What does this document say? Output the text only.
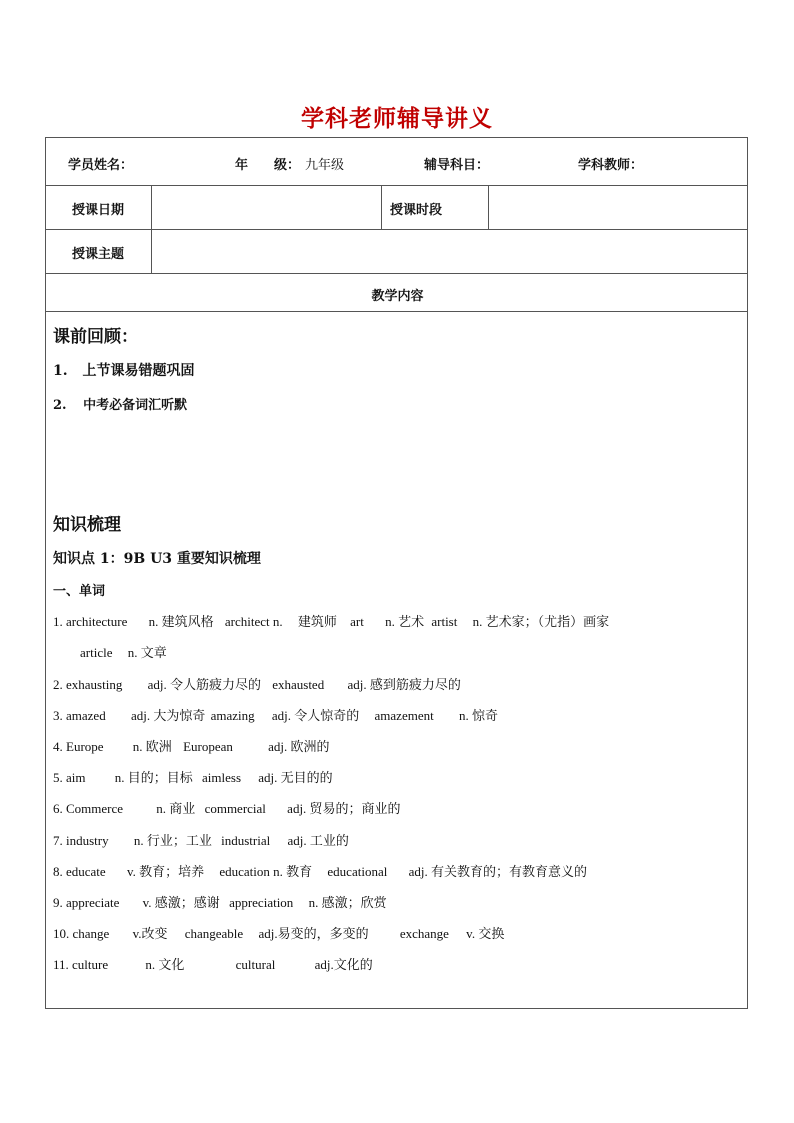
学科老师辅导讲义
学员姓名：	年　　级： 九年级	辅导科目：	学科教师：
授课日期	授课时段
授课主题
教学内容
课前回顾：
1. 上节课易错题巩固
2. 中考必备词汇听默
知识梳理
知识点 1：9B U3 重要知识梳理
一、单词
1. architecture n. 建筑风格 architect n. 建筑师 art n. 艺术 artist n. 艺术家；（尤指）画家
article n. 文章
2. exhausting adj. 令人筋疲力尽的 exhausted adj. 感到筋疲力尽的
3. amazed adj. 大为惊奇 amazing adj. 令人惊奇的 amazement n. 惊奇
4. Europe n. 欧洲 European	adj. 欧洲的
5. aim n. 目的；目标 aimless adj. 无目的的
6. Commerce	n. 商业 commercial adj. 贸易的；商业的
7. industry n. 行业；工业 industrial adj. 工业的
8. educate v. 教育；培养 education n. 教育 educational adj. 有关教育的；有教育意义的
9. appreciate v. 感激；感谢 appreciation n. 感激；欣赏
10. change v.改变 changeable adj.易变的，多变的 exchange v. 交换
11. culture	n. 文化	cultural	adj.文化的
